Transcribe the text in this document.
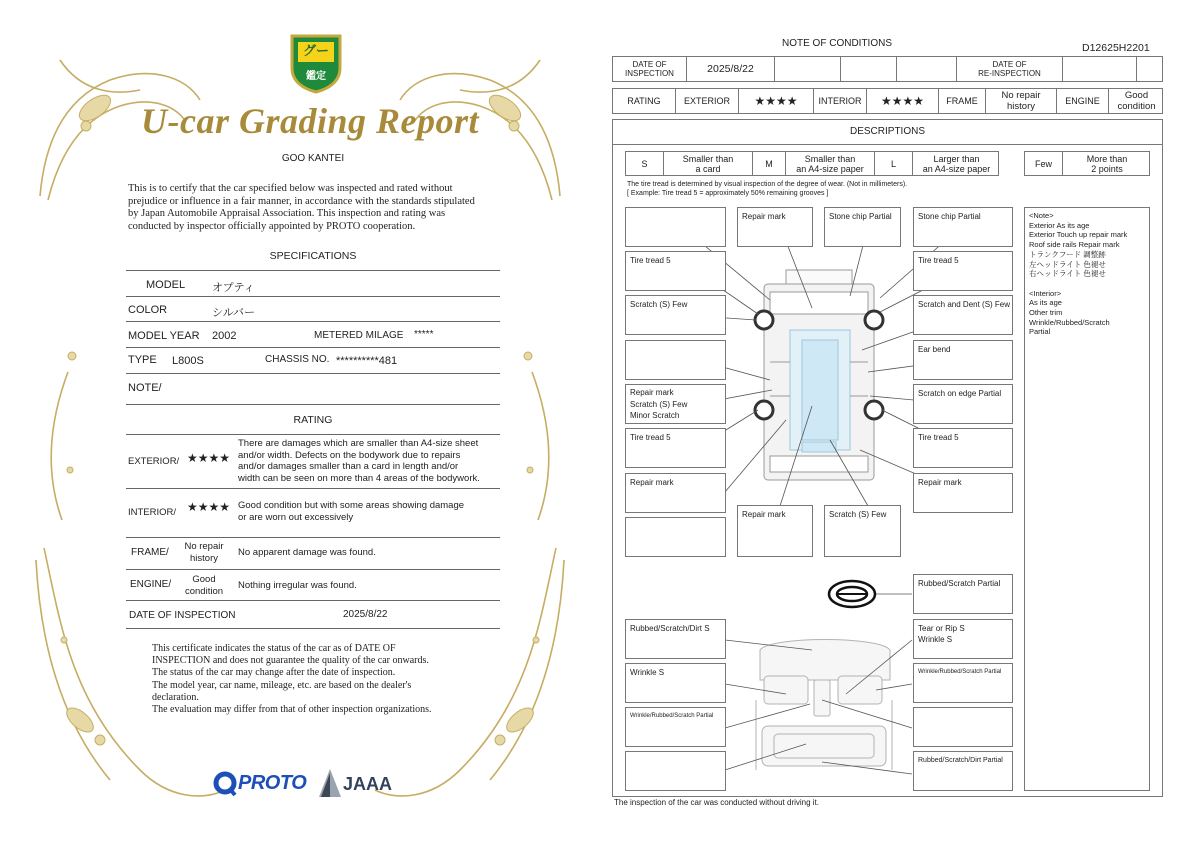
グー
鑑定
U-car Grading Report
GOO KANTEI

This is to certify that the car specified below was inspected and rated without

prejudice or influence in a fair manner, in accordance with the standards stipulated

by Japan Automobile Appraisal Association. This inspection and rating was

conducted by inspector officially appointed by PROTO cooperation.

SPECIFICATIONS
MODEL オプティ
COLOR	シルバー
MODEL YEAR 2002	METERED MILAGE *****
TYPE L800S	CHASSIS NO. **********481
NOTE/
RATING
EXTERIOR/ ★★★★
There are damages which are smaller than A4-size sheet
and/or width. Defects on the bodywork due to repairs
and/or damages smaller than a card in length and/or
width can be seen on more than 4 areas of the bodywork.
INTERIOR/ ★★★★ Good condition but with some areas showing damage
or are worn out excessively
FRAME/
No repair
history
No apparent damage was found.
ENGINE/	Good
condition
Nothing irregular was found.
DATE OF INSPECTION	2025/8/22

This certificate indicates the status of the car as of DATE OF

INSPECTION and does not guarantee the quality of the car onwards.

The status of the car may change after the date of inspection.

The model year, car name, mileage, etc. are based on the dealer's

declaration.

The evaluation may differ from that of other inspection organizations.

PROTO JAAA
NOTE OF CONDITIONS	D12625H2201
DATE OF
INSPECTION	2025/8/22	DATE OF
RE-INSPECTION
RATING	EXTERIOR	★★★★	INTERIOR	★★★★	FRAME	No repair
history	ENGINE	Good
condition
DESCRIPTIONS
S	Smaller than
a card	M	Smaller than
an A4-size paper	L	Larger than
an A4-size paper	Few	More than
2 points
The tire tread is determined by visual inspection of the degree of wear. (Not in millimeters).
[ Example: Tire tread 5 = approximately 50% remaining grooves ]
Repair mark	Stone chip Partial	Stone chip Partial
Tire tread 5
Scratch (S) Few
Repair mark
Scratch (S) Few
Minor Scratch
Tire tread 5
Repair mark
Tire tread 5
Scratch and Dent (S) Few
Ear bend
Scratch on edge Partial
Tire tread 5
Repair mark
Repair mark	Scratch (S) Few
Rubbed/Scratch Partial
Rubbed/Scratch/Dirt S	Tear or Rip S
Wrinkle S
Wrinkle S	Wrinkle/Rubbed/Scratch Partial
Wrinkle/Rubbed/Scratch Partial
Rubbed/Scratch/Dirt Partial
<Note>
Exterior As its age
Exterior Touch up repair mark
Roof side rails Repair mark
トランクフード 調整跡
左ヘッドライト 色褪せ
右ヘッドライト 色褪せ
<Interior>
As its age
Other trim
Wrinkle/Rubbed/Scratch
Partial
The inspection of the car was conducted without driving it.
